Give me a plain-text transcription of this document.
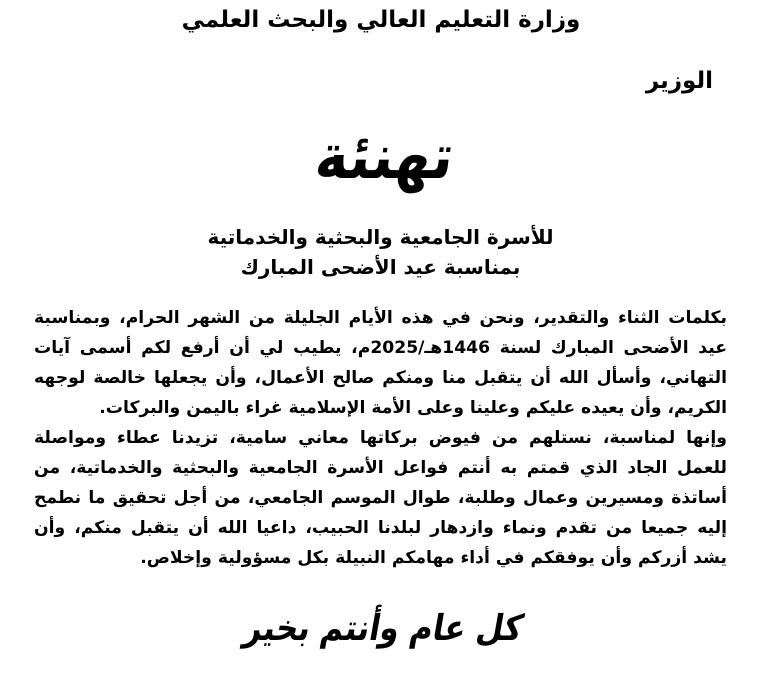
وزارة التعليم العالي والبحث العلمي
الوزير
تهنئة
للأسرة الجامعية والبحثية والخدماتية
بمناسبة عيد الأضحى المبارك

بكلمات الثناء والتقدير، ونحن في هذه الأيام الجليلة من الشهر الحرام، وبمناسبة عيد الأضحى المبارك لسنة 1446هـ/2025م، يطيب لي أن أرفع لكم أسمى آيات التهاني، وأسأل الله أن يتقبل منا ومنكم صالح الأعمال، وأن يجعلها خالصة لوجهه الكريم، وأن يعيده عليكم وعلينا وعلى الأمة الإسلامية غراء باليمن والبركات.

وإنها لمناسبة، نستلهم من فيوض بركاتها معاني سامية، تزيدنا عطاء ومواصلة للعمل الجاد الذي قمتم به أنتم فواعل الأسرة الجامعية والبحثية والخدماتية، من أساتذة ومسيرين وعمال وطلبة، طوال الموسم الجامعي، من أجل تحقيق ما نطمح إليه جميعا من تقدم ونماء وازدهار لبلدنا الحبيب، داعيا الله أن يتقبل منكم، وأن يشد أزركم وأن يوفقكم في أداء مهامكم النبيلة بكل مسؤولية وإخلاص.

كل عام وأنتم بخير
